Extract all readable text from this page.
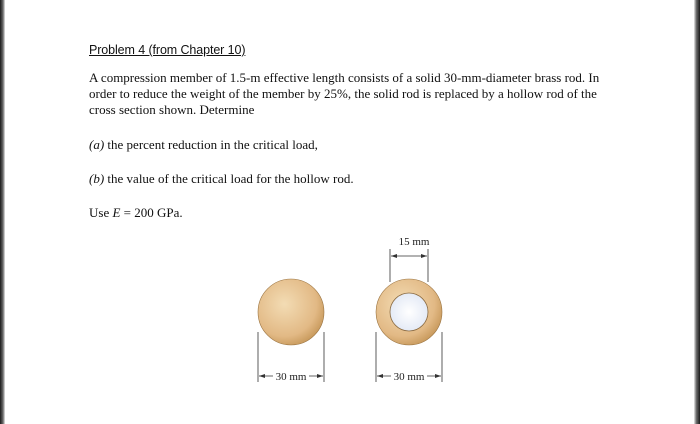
Problem 4 (from Chapter 10)

A compression member of 1.5-m effective length consists of a solid 30-mm-diameter brass rod. In order to reduce the weight of the member by 25%, the solid rod is replaced by a hollow rod of the cross section shown. Determine

(a) the percent reduction in the critical load,

(b) the value of the critical load for the hollow rod.

Use E = 200 GPa.

15 mm
30 mm	30 mm
